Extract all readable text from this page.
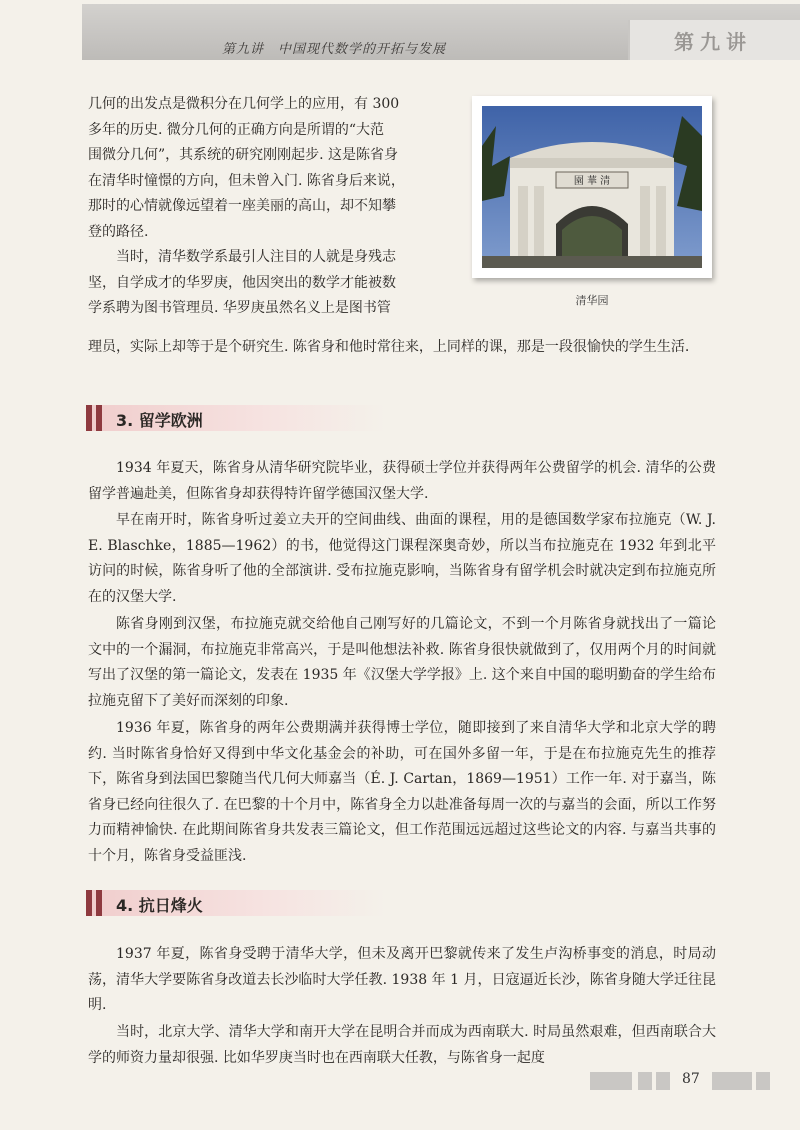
第九讲　中国现代数学的开拓与发展	第九讲
几何的出发点是微积分在几何学上的应用，有 300
多年的历史. 微分几何的正确方向是所谓的“大范
围微分几何”，其系统的研究刚刚起步. 这是陈省身
在清华时憧憬的方向，但未曾入门. 陈省身后来说，
那时的心情就像远望着一座美丽的高山，却不知攀
登的路径.
当时，清华数学系最引人注目的人就是身残志
坚，自学成才的华罗庚，他因突出的数学才能被数
学系聘为图书管理员. 华罗庚虽然名义上是图书管

理员，实际上却等于是个研究生. 陈省身和他时常往来，上同样的课，那是一段很愉快的学生生活.

園 華 清
清华园
3. 留学欧洲

1934 年夏天，陈省身从清华研究院毕业，获得硕士学位并获得两年公费留学的机会. 清华的公费留学普遍赴美，但陈省身却获得特许留学德国汉堡大学.

早在南开时，陈省身听过姜立夫开的空间曲线、曲面的课程，用的是德国数学家布拉施克（W. J. E. Blaschke，1885—1962）的书，他觉得这门课程深奥奇妙，所以当布拉施克在 1932 年到北平访问的时候，陈省身听了他的全部演讲. 受布拉施克影响，当陈省身有留学机会时就决定到布拉施克所在的汉堡大学.

陈省身刚到汉堡，布拉施克就交给他自己刚写好的几篇论文，不到一个月陈省身就找出了一篇论文中的一个漏洞，布拉施克非常高兴，于是叫他想法补救. 陈省身很快就做到了，仅用两个月的时间就写出了汉堡的第一篇论文，发表在 1935 年《汉堡大学学报》上. 这个来自中国的聪明勤奋的学生给布拉施克留下了美好而深刻的印象.

1936 年夏，陈省身的两年公费期满并获得博士学位，随即接到了来自清华大学和北京大学的聘约. 当时陈省身恰好又得到中华文化基金会的补助，可在国外多留一年，于是在布拉施克先生的推荐下，陈省身到法国巴黎随当代几何大师嘉当（É. J. Cartan，1869—1951）工作一年. 对于嘉当，陈省身已经向往很久了. 在巴黎的十个月中，陈省身全力以赴准备每周一次的与嘉当的会面，所以工作努力而精神愉快. 在此期间陈省身共发表三篇论文，但工作范围远远超过这些论文的内容. 与嘉当共事的十个月，陈省身受益匪浅.

4. 抗日烽火

1937 年夏，陈省身受聘于清华大学，但未及离开巴黎就传来了发生卢沟桥事变的消息，时局动荡，清华大学要陈省身改道去长沙临时大学任教. 1938 年 1 月，日寇逼近长沙，陈省身随大学迁往昆明.

当时，北京大学、清华大学和南开大学在昆明合并而成为西南联大. 时局虽然艰难，但西南联合大学的师资力量却很强. 比如华罗庚当时也在西南联大任教，与陈省身一起度

87
